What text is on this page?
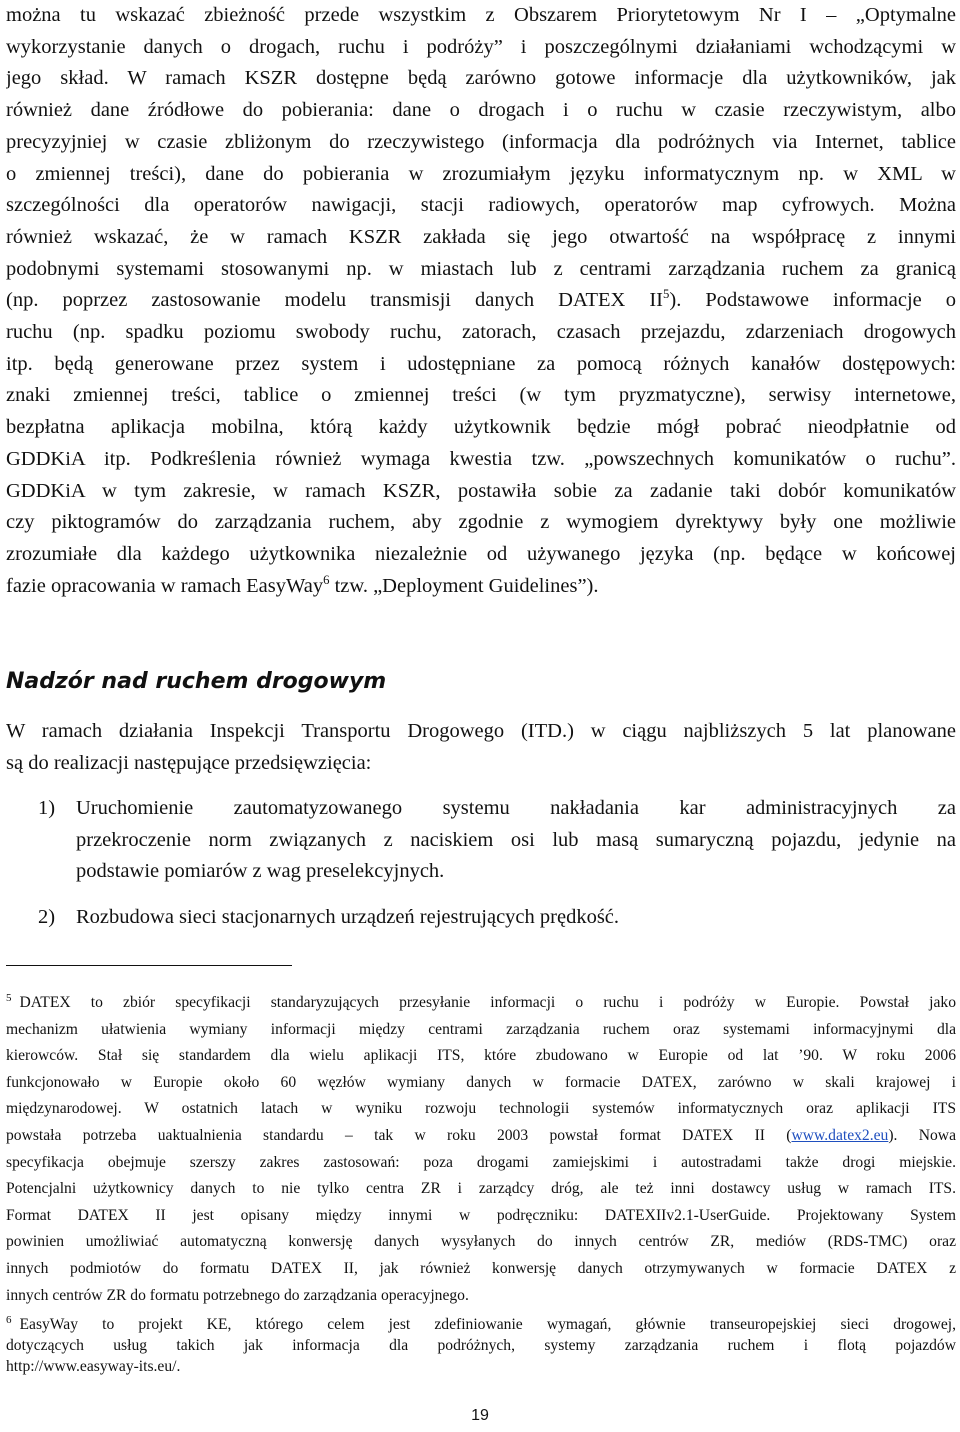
można tu wskazać zbieżność przede wszystkim z Obszarem Priorytetowym Nr I – „Optymalne
wykorzystanie danych o drogach, ruchu i podróży” i poszczególnymi działaniami wchodzącymi w
jego skład. W ramach KSZR dostępne będą zarówno gotowe informacje dla użytkowników, jak
również dane źródłowe do pobierania: dane o drogach i o ruchu w czasie rzeczywistym, albo
precyzyjniej w czasie zbliżonym do rzeczywistego (informacja dla podróżnych via Internet, tablice
o zmiennej treści), dane do pobierania w zrozumiałym języku informatycznym np. w XML w
szczególności dla operatorów nawigacji, stacji radiowych, operatorów map cyfrowych. Można
również wskazać, że w ramach KSZR zakłada się jego otwartość na współpracę z innymi
podobnymi systemami stosowanymi np. w miastach lub z centrami zarządzania ruchem za granicą
(np. poprzez zastosowanie modelu transmisji danych DATEX $II^5$). Podstawowe informacje o
ruchu (np. spadku poziomu swobody ruchu, zatorach, czasach przejazdu, zdarzeniach drogowych
itp. będą generowane przez system i udostępniane za pomocą różnych kanałów dostępowych:
znaki zmiennej treści, tablice o zmiennej treści (w tym pryzmatyczne), serwisy internetowe,
bezpłatna aplikacja mobilna, którą każdy użytkownik będzie mógł pobrać nieodpłatnie od
GDDKiA itp. Podkreślenia również wymaga kwestia tzw. „powszechnych komunikatów o ruchu”.
GDDKiA w tym zakresie, w ramach KSZR, postawiła sobie za zadanie taki dobór komunikatów
czy piktogramów do zarządzania ruchem, aby zgodnie z wymogiem dyrektywy były one możliwie
zrozumiałe dla każdego użytkownika niezależnie od używanego języka (np. będące w końcowej
fazie opracowania w ramach EasyWay$^6$ tzw. „Deployment Guidelines”).
Nadzór nad ruchem drogowym
W ramach działania Inspekcji Transportu Drogowego (ITD.) w ciągu najbliższych 5 lat planowane
są do realizacji następujące przedsięwzięcia:
1) Uruchomienie zautomatyzowanego systemu nakładania kar administracyjnych za
przekroczenie norm związanych z naciskiem osi lub masą sumaryczną pojazdu, jedynie na
podstawie pomiarów z wag preselekcyjnych.
2) Rozbudowa sieci stacjonarnych urządzeń rejestrujących prędkość.
$^5$ DATEX to zbiór specyfikacji standaryzujących przesyłanie informacji o ruchu i podróży w Europie. Powstał jako
mechanizm ułatwienia wymiany informacji między centrami zarządzania ruchem oraz systemami informacyjnymi dla
kierowców. Stał się standardem dla wielu aplikacji ITS, które zbudowano w Europie od lat ’90. W roku 2006
funkcjonowało w Europie około 60 węzłów wymiany danych w formacie DATEX, zarówno w skali krajowej i
międzynarodowej. W ostatnich latach w wyniku rozwoju technologii systemów informatycznych oraz aplikacji ITS
powstała potrzeba uaktualnienia standardu – tak w roku 2003 powstał format DATEX II (www.datex2.eu). Nowa
specyfikacja obejmuje szerszy zakres zastosowań: poza drogami zamiejskimi i autostradami także drogi miejskie.
Potencjalni użytkownicy danych to nie tylko centra ZR i zarządcy dróg, ale też inni dostawcy usług w ramach ITS.
Format DATEX II jest opisany między innymi w podręczniku: DATEXIIv2.1-UserGuide. Projektowany System
powinien umożliwiać automatyczną konwersję danych wysyłanych do innych centrów ZR, mediów (RDS-TMC) oraz
innych podmiotów do formatu DATEX II, jak również konwersję danych otrzymywanych w formacie DATEX z
innych centrów ZR do formatu potrzebnego do zarządzania operacyjnego.
$^6$ EasyWay to projekt KE, którego celem jest zdefiniowanie wymagań, głównie transeuropejskiej sieci drogowej,
dotyczących usług takich jak informacja dla podróżnych, systemy zarządzania ruchem i flotą pojazdów
http://www.easyway-its.eu/.

19
